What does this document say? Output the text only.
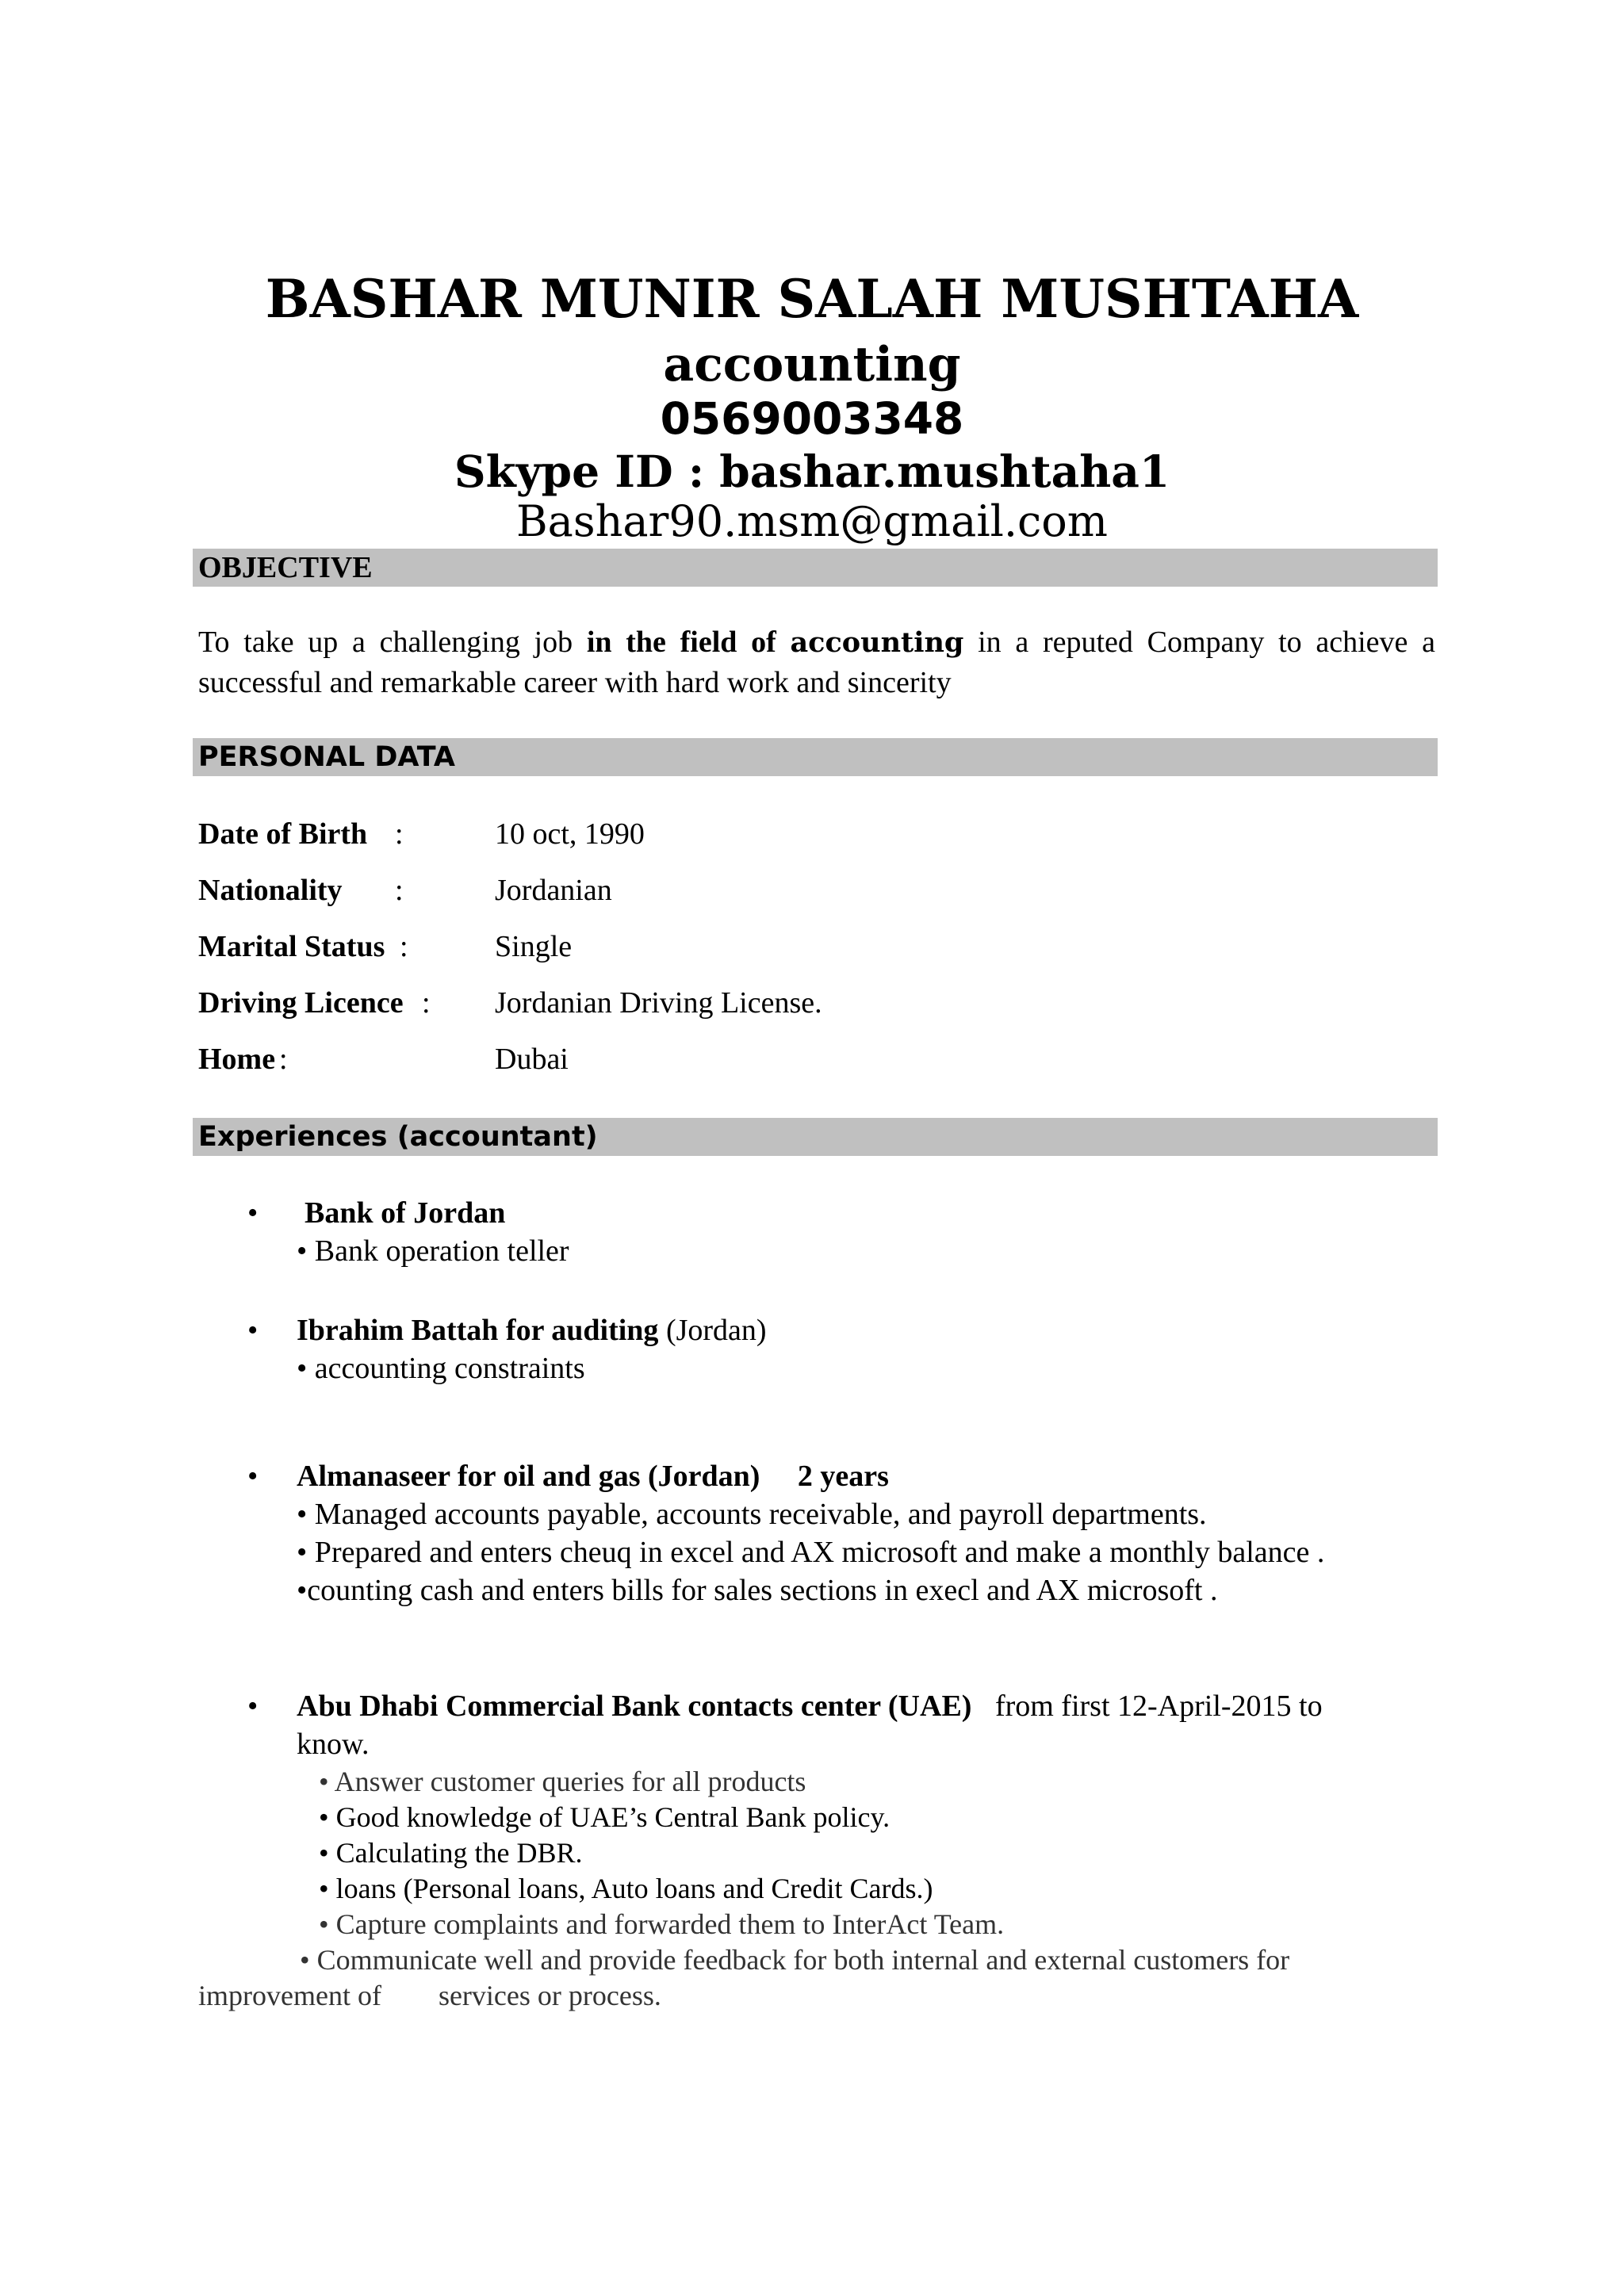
BASHAR MUNIR SALAH MUSHTAHA
accounting
0569003348
Skype ID : bashar.mushtaha1
Bashar90.msm@gmail.com
OBJECTIVE
To take up a challenging job in the field of accounting in a reputed Company to achieve a successful and remarkable career with hard work and sincerity
PERSONAL DATA
Date of Birth :	10 oct, 1990
Nationality :	Jordanian
Marital Status :	Single
Driving Licence : Jordanian Driving License.
Home :	Dubai
Experiences (accountant)
• Bank of Jordan
• Bank operation teller
• Ibrahim Battah for auditing (Jordan)
• accounting constraints
• Almanaseer for oil and gas (Jordan)     2 years
• Managed accounts payable, accounts receivable, and payroll departments.
• Prepared and enters cheuq in excel and AX microsoft and make a monthly balance .
•counting cash and enters bills for sales sections in execl and AX microsoft .
• Abu Dhabi Commercial Bank contacts center (UAE) from first 12-April-2015 to
know.
• Answer customer queries for all products
• Good knowledge of UAE’s Central Bank policy.
• Calculating the DBR.
• loans (Personal loans, Auto loans and Credit Cards.)
• Capture complaints and forwarded them to InterAct Team.
• Communicate well and provide feedback for both internal and external customers for
improvement of        services or process.
